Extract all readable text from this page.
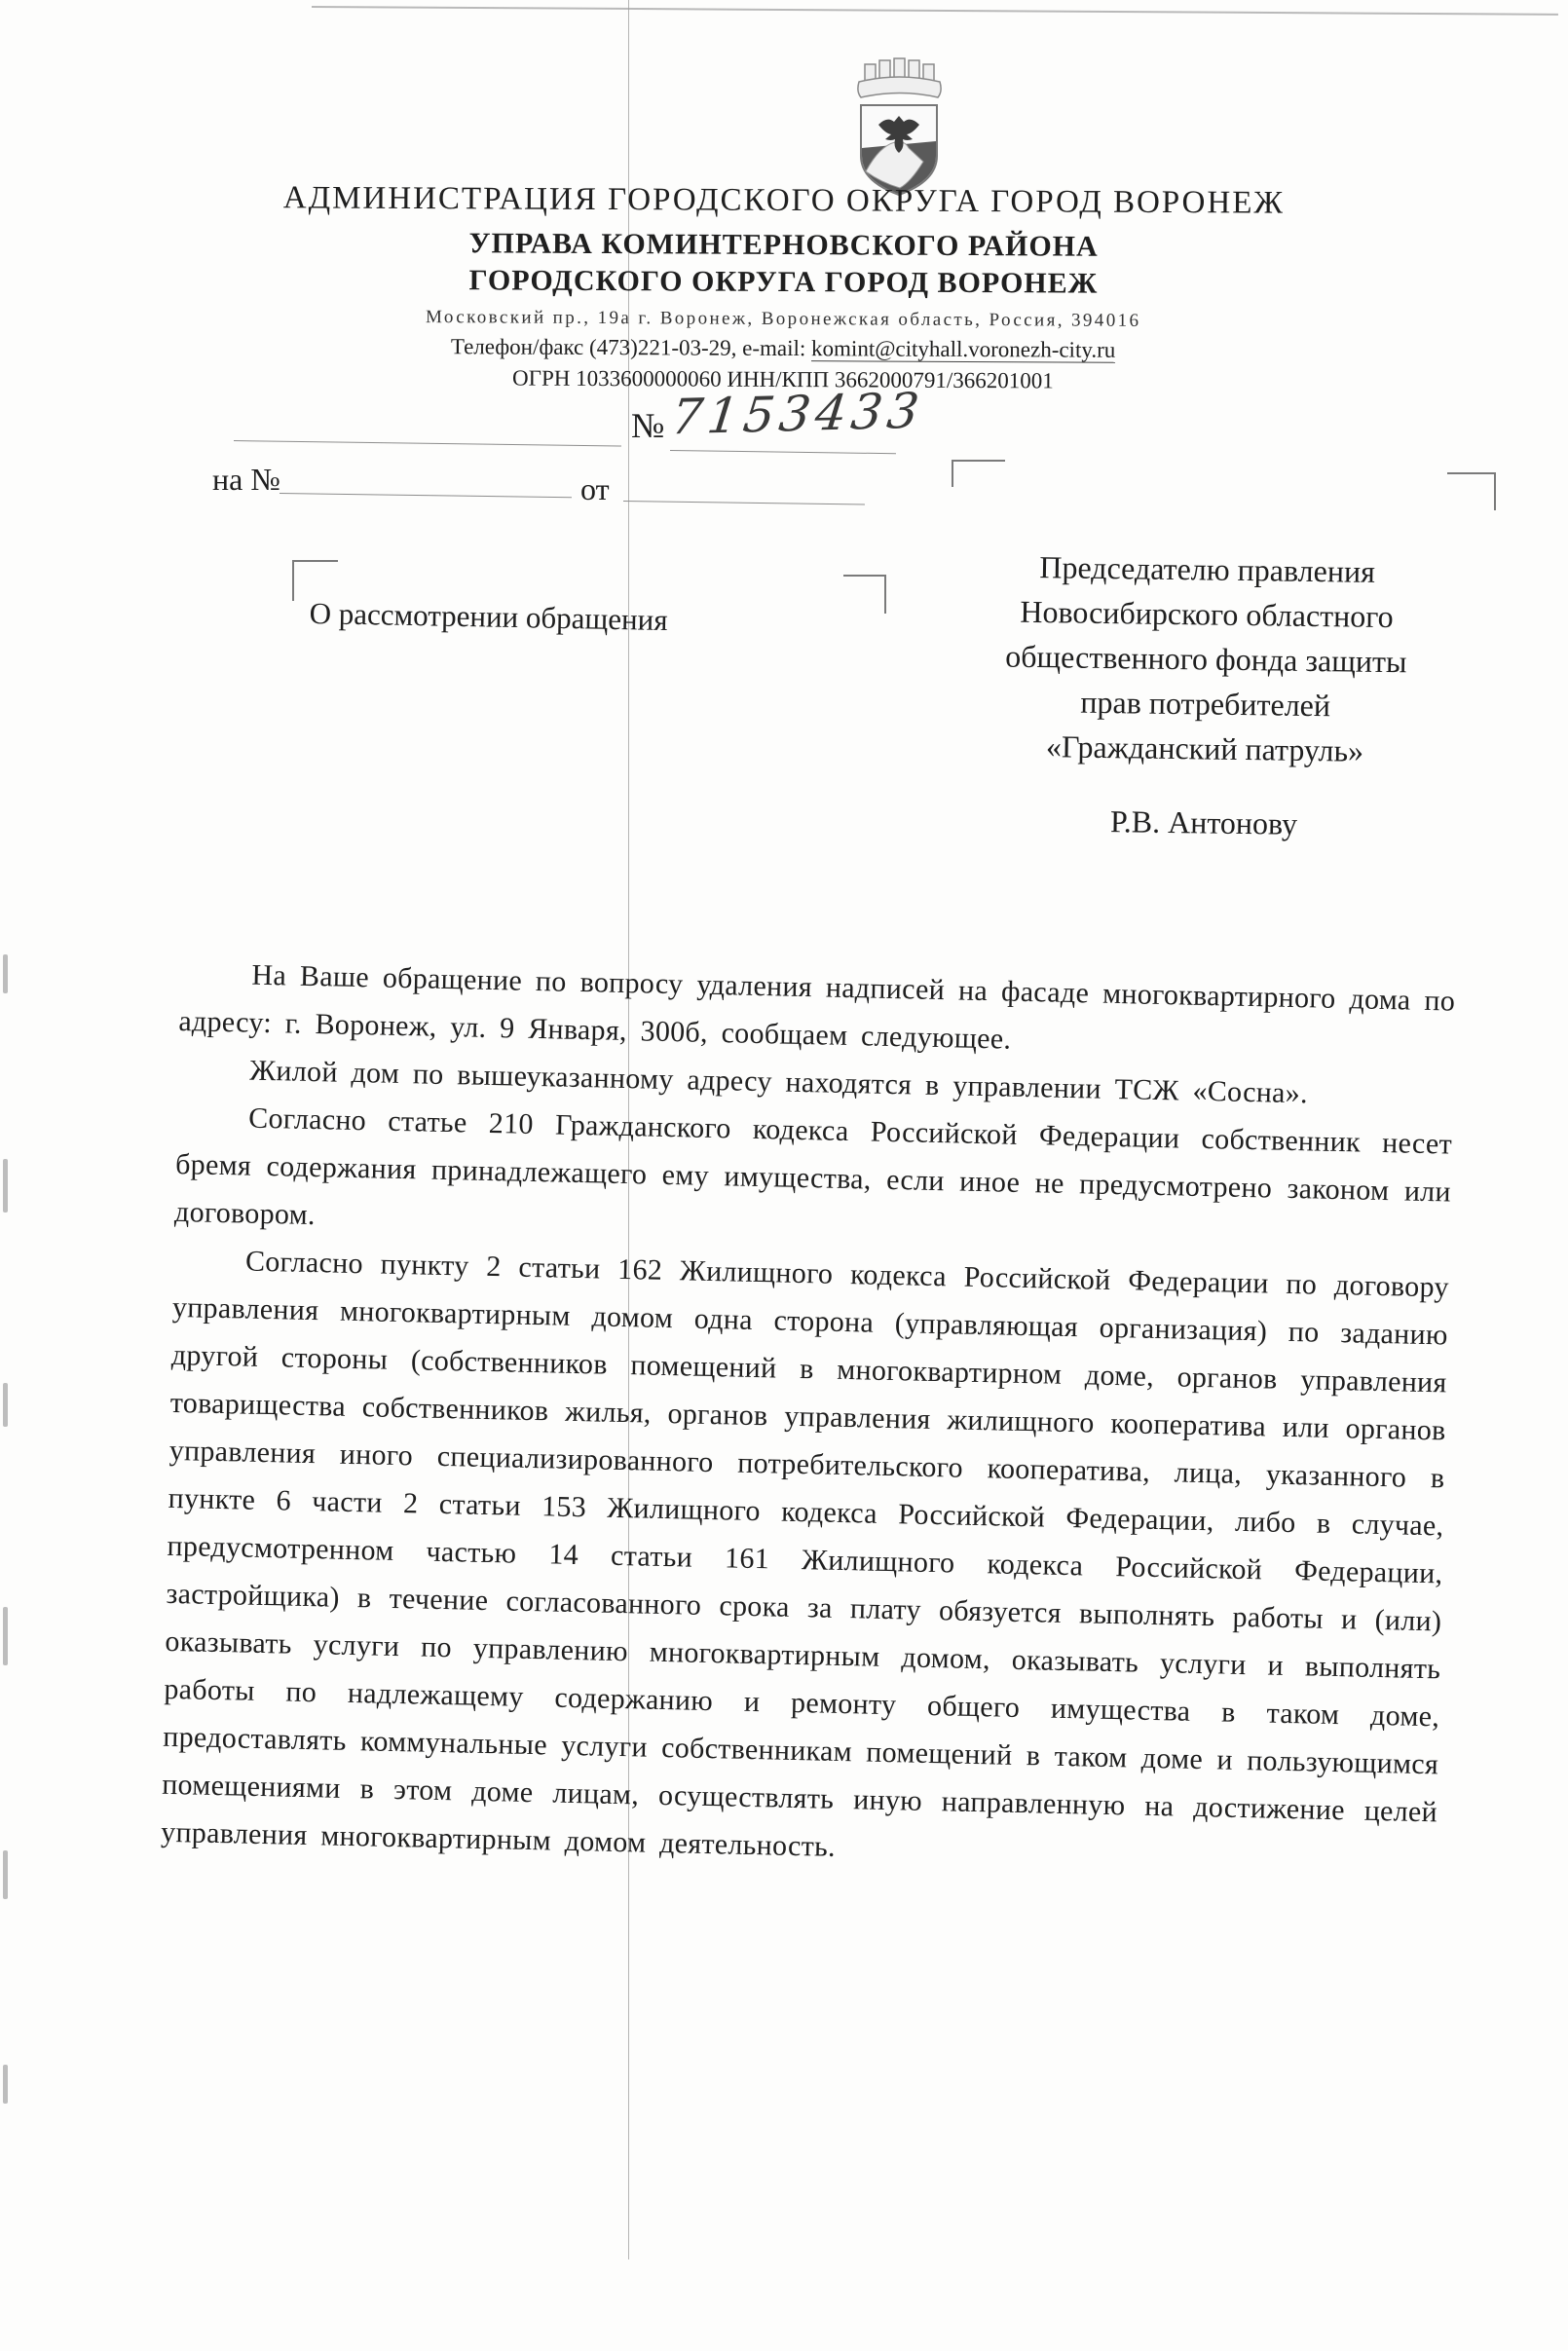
АДМИНИСТРАЦИЯ ГОРОДСКОГО ОКРУГА ГОРОД ВОРОНЕЖ
УПРАВА КОМИНТЕРНОВСКОГО РАЙОНА
ГОРОДСКОГО ОКРУГА ГОРОД ВОРОНЕЖ
Московский пр., 19а г. Воронеж, Воронежская область, Россия, 394016
Телефон/факс (473)221-03-29, e-mail: komint@cityhall.voronezh-city.ru
ОГРН 1033600000060 ИНН/КПП 3662000791/366201001
№ 7153433
на №	от
Председателю правления
Новосибирского областного
общественного фонда защиты
прав потребителей
«Гражданский патруль»
Р.В. Антонову
О рассмотрении обращения

На Ваше обращение по вопросу удаления надписей на фасаде многоквартирного дома по адресу: г. Воронеж, ул. 9 Января, 300б, сообщаем следующее.

Жилой дом по вышеуказанному адресу находятся в управлении ТСЖ «Сосна».

Согласно статье 210 Гражданского кодекса Российской Федерации собственник несет бремя содержания принадлежащего ему имущества, если иное не предусмотрено законом или договором.

Согласно пункту 2 статьи 162 Жилищного кодекса Российской Федерации по договору управления многоквартирным домом одна сторона (управляющая организация) по заданию другой стороны (собственников помещений в многоквартирном доме, органов управления товарищества собственников жилья, органов управления жилищного кооператива или органов управления иного специализированного потребительского кооператива, лица, указанного в пункте 6 части 2 статьи 153 Жилищного кодекса Российской Федерации, либо в случае, предусмотренном частью 14 статьи 161 Жилищного кодекса Российской Федерации, застройщика) в течение согласованного срока за плату обязуется выполнять работы и (или) оказывать услуги по управлению многоквартирным домом, оказывать услуги и выполнять работы по надлежащему содержанию и ремонту общего имущества в таком доме, предоставлять коммунальные услуги собственникам помещений в таком доме и пользующимся помещениями в этом доме лицам, осуществлять иную направленную на достижение целей управления многоквартирным домом деятельность.
